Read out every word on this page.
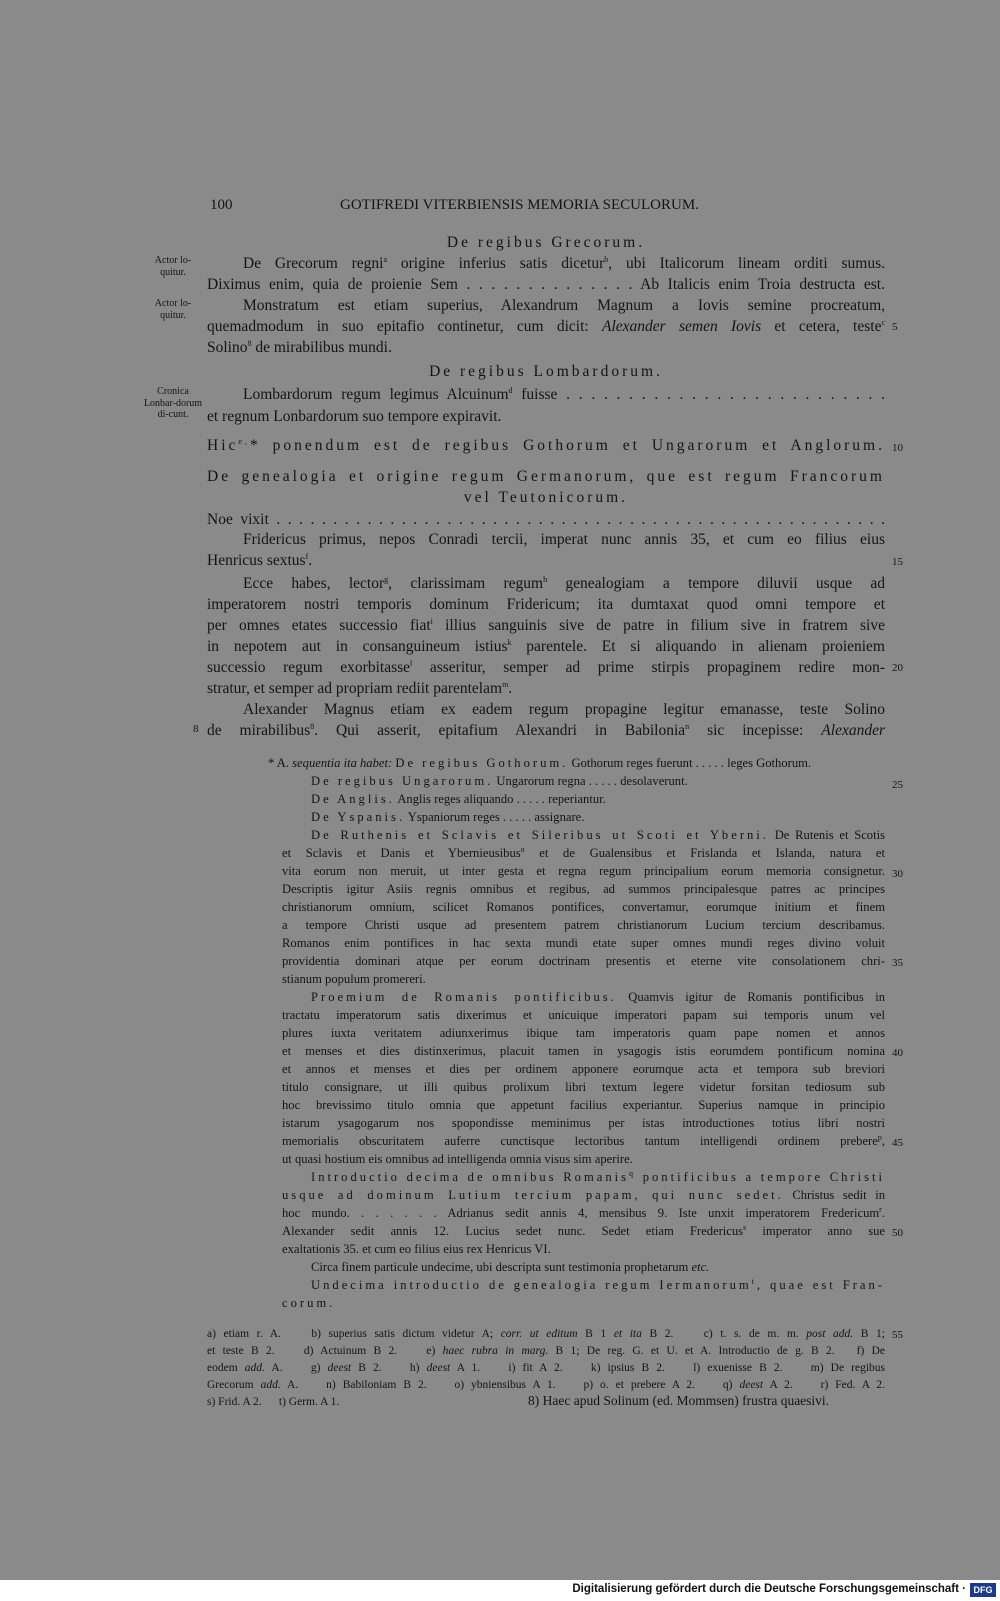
100	GOTIFREDI VITERBIENSIS MEMORIA SECULORUM.
Actor lo-quitur.
Actor lo-quitur.
Cronica Lonbar-dorum di-cunt.
5
10
15
20
25
30
35
40
45
50
55
De regibus Grecorum.
De Grecorum regni$^a$ origine inferius satis dicetur$^b$, ubi Italicorum lineam orditi sumus.
Diximus enim, quia de proienie Sem . . . . . . . . . . . . . . Ab Italicis enim Troia destructa est.
Monstratum est etiam superius, Alexandrum Magnum a Iovis semine procreatum,
quemadmodum in suo epitafio continetur, cum dicit: Alexander semen Iovis et cetera, teste$^c$
Solino$^8$ de mirabilibus mundi.
De regibus Lombardorum.
Lombardorum regum legimus Alcuinum$^d$ fuisse . . . . . . . . . . . . . . . . . . . . . . . . . .
et regnum Lonbardorum suo tempore expiravit.
Hic$^{e,}$* ponendum est de regibus Gothorum et Ungarorum et Anglorum.
De genealogia et origine regum Germanorum, que est regum Francorum
vel Teutonicorum.
Noe vixit . . . . . . . . . . . . . . . . . . . . . . . . . . . . . . . . . . . . . . . . . . . . . . . . . . . . . .
Fridericus primus, nepos Conradi tercii, imperat nunc annis 35, et cum eo filius eius
Henricus sextus$^f$.
Ecce habes, lector$^g$, clarissimam regum$^h$ genealogiam a tempore diluvii usque ad
imperatorem nostri temporis dominum Fridericum; ita dumtaxat quod omni tempore et
per omnes etates successio fiat$^i$ illius sanguinis sive de patre in filium sive in fratrem sive
in nepotem aut in consanguineum istius$^k$ parentele. Et si aliquando in alienam proieniem
successio regum exorbitasse$^l$ asseritur, semper ad prime stirpis propaginem redire mon-
stratur, et semper ad propriam rediit parentelam$^m$.
Alexander Magnus etiam ex eadem regum propagine legitur emanasse, teste Solino
8 de mirabilibus$^8$. Qui asserit, epitafium Alexandri in Babilonia$^n$ sic incepisse: Alexander
* A. sequentia ita habet: De regibus Gothorum. Gothorum reges fuerunt . . . . . leges Gothorum.
De regibus Ungarorum. Ungarorum regna . . . . . desolaverunt.
De Anglis. Anglis reges aliquando . . . . . reperiantur.
De Yspanis. Yspaniorum reges . . . . . assignare.
De Ruthenis et Sclavis et Sileribus ut Scoti et Yberni. De Rutenis et Scotis
et Sclavis et Danis et Ybernieusibus$^o$ et de Gualensibus et Frislanda et Islanda, natura et
vita eorum non meruit, ut inter gesta et regna regum principalium eorum memoria consignetur.
Descriptis igitur Asiis regnis omnibus et regibus, ad summos principalesque patres ac principes
christianorum omnium, scilicet Romanos pontifices, convertamur, eorumque initium et finem
a tempore Christi usque ad presentem patrem christianorum Lucium tercium describamus.
Romanos enim pontifices in hac sexta mundi etate super omnes mundi reges divino voluit
providentia dominari atque per eorum doctrinam presentis et eterne vite consolationem chri-
stianum populum promereri.
Proemium de Romanis pontificibus. Quamvis igitur de Romanis pontificibus in
tractatu imperatorum satis dixerimus et unicuique imperatori papam sui temporis unum vel
plures iuxta veritatem adiunxerimus ibique tam imperatoris quam pape nomen et annos
et menses et dies distinxerimus, placuit tamen in ysagogis istis eorumdem pontificum nomina
et annos et menses et dies per ordinem apponere eorumque acta et tempora sub breviori
titulo consignare, ut illi quibus prolixum libri textum legere videtur forsitan tediosum sub
hoc brevissimo titulo omnia que appetunt facilius experiantur. Superius namque in principio
istarum ysagogarum nos spopondisse meminimus per istas introductiones totius libri nostri
memorialis obscuritatem auferre cunctisque lectoribus tantum intelligendi ordinem prebere$^p$,
ut quasi hostium eis omnibus ad intelligenda omnia visus sim aperire.
Introductio decima de omnibus Romanis$^q$ pontificibus a tempore Christi
usque ad dominum Lutium tercium papam, qui nunc sedet. Christus sedit in
hoc mundo. . . . . . . Adrianus sedit annis 4, mensibus 9. Iste unxit imperatorem Fredericum$^r$.
Alexander sedit annis 12. Lucius sedet nunc. Sedet etiam Fredericus$^s$ imperator anno sue
exaltationis 35. et cum eo filius eius rex Henricus VI.
Circa finem particule undecime, ubi descripta sunt testimonia prophetarum etc.
Undecima introductio de genealogia regum Iermanorum$^t$, quae est Fran-
corum.
a) etiam r. A.    b) superius satis dictum videtur A; corr. ut editum B 1 et ita B 2.    c) t. s. de m. m. post add. B 1;
et teste B 2.    d) Actuinum B 2.    e) haec rubra in marg. B 1; De reg. G. et U. et A. Introductio de g. B 2.   f) De
eodem add. A.    g) deest B 2.    h) deest A 1.    i) fit A 2.    k) ipsius B 2.    l) exuenisse B 2.    m) De regibus
Grecorum add. A.    n) Babiloniam B 2.    o) ybniensibus A 1.    p) o. et prebere A 2.    q) deest A 2.    r) Fed. A 2.
s) Frid. A 2.      t) Germ. A 1.	8) Haec apud Solinum (ed. Mommsen) frustra quaesivi.
Digitalisierung gefördert durch die Deutsche Forschungsgemeinschaft · DFG
